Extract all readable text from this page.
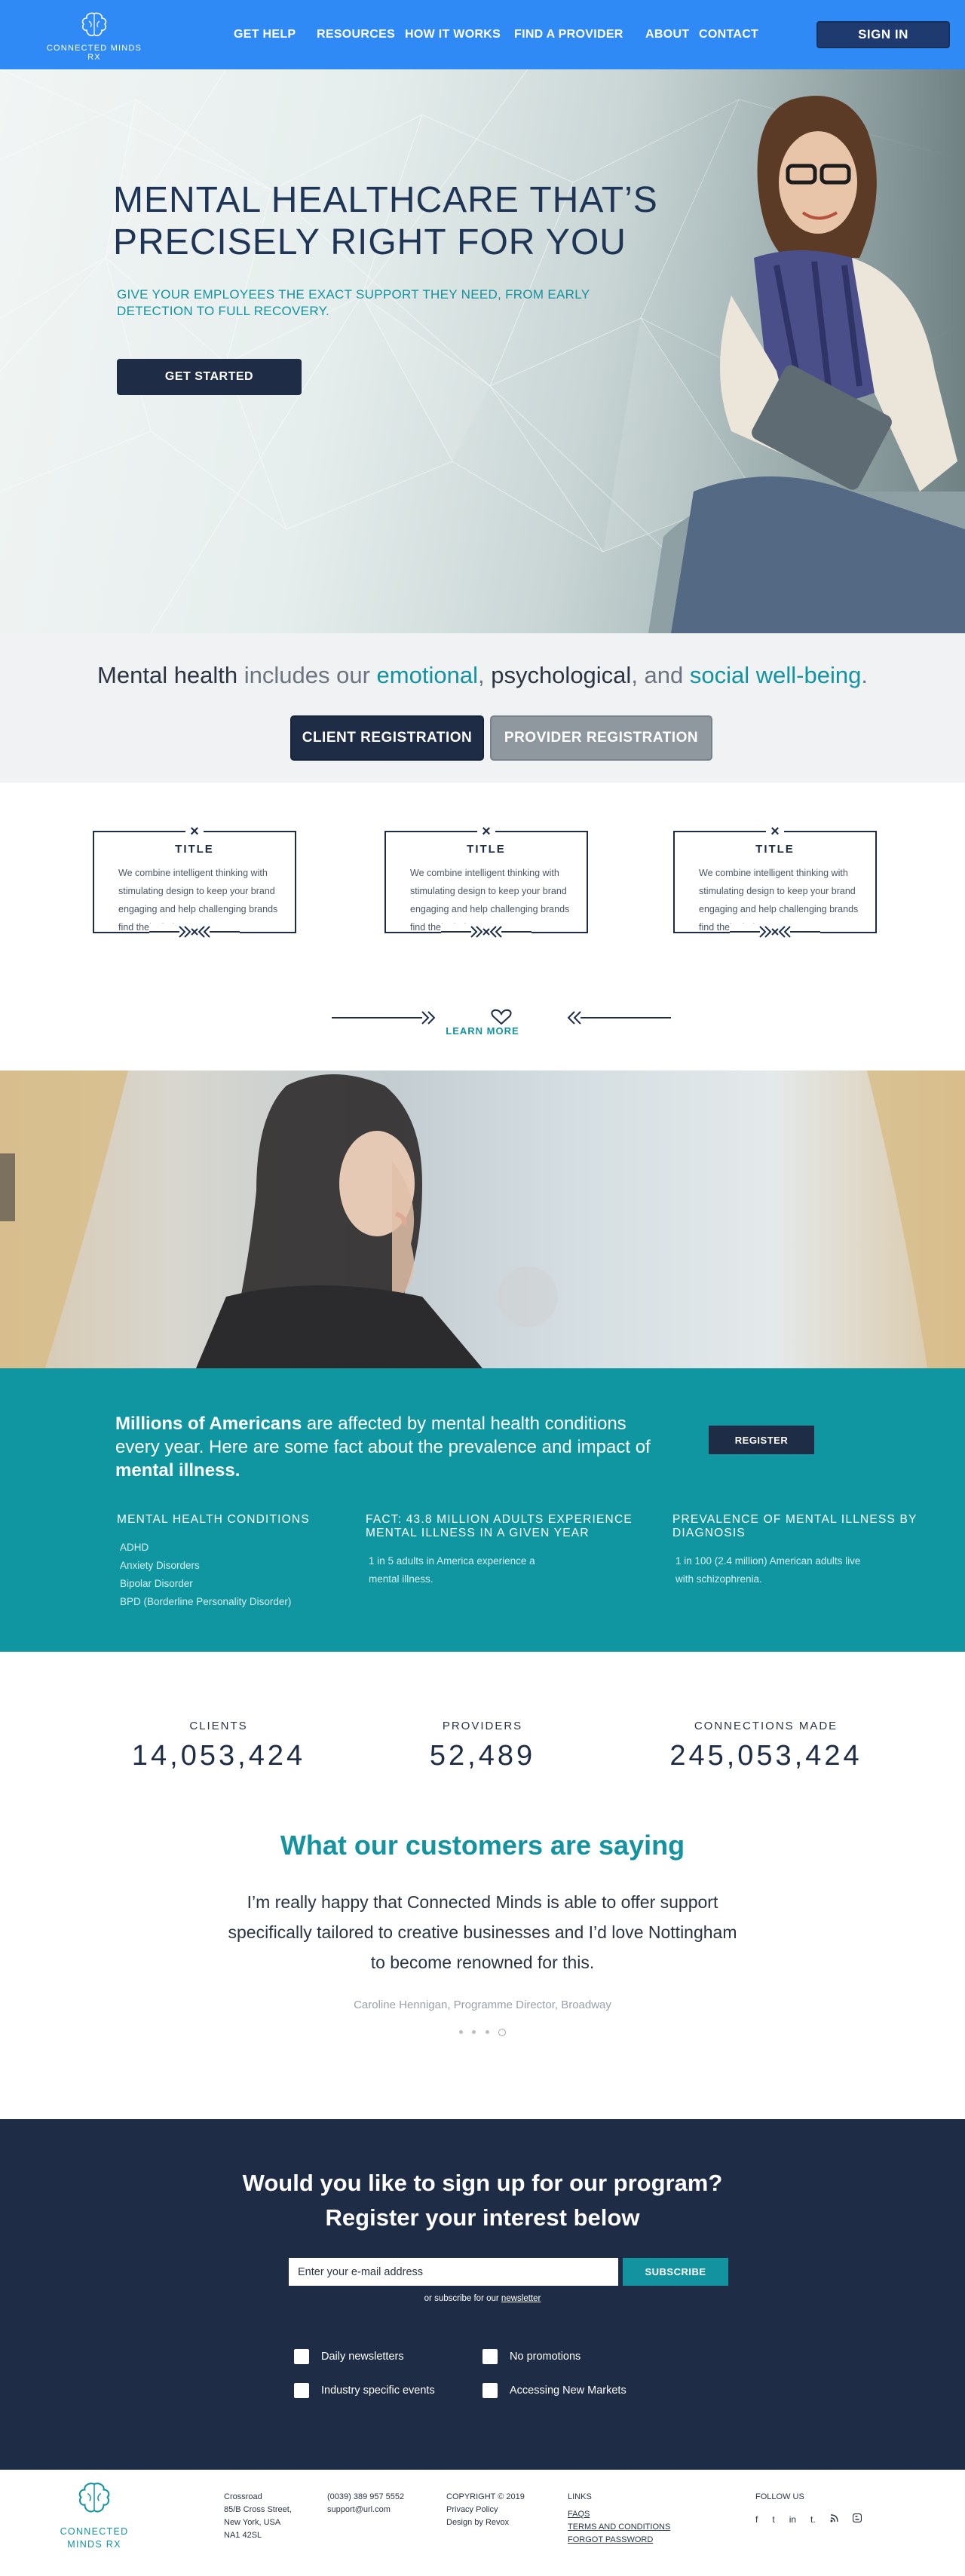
CONNECTED MINDS RX
GET HELP RESOURCES HOW IT WORKS FIND A PROVIDER ABOUT CONTACT	SIGN IN
MENTAL HEALTHCARE THAT’S
PRECISELY RIGHT FOR YOU

GIVE YOUR EMPLOYEES THE EXACT SUPPORT THEY NEED, FROM EARLY DETECTION TO FULL RECOVERY.

GET STARTED

Mental health includes our emotional, psychological, and social well-being.

CLIENT REGISTRATION	PROVIDER REGISTRATION
×
TITLE
We combine intelligent thinking with stimulating design to keep your brand engaging and help challenging brands find their clarity.
×
TITLE
We combine intelligent thinking with stimulating design to keep your brand engaging and help challenging brands find their clarity.
×
TITLE
We combine intelligent thinking with stimulating design to keep your brand engaging and help challenging brands find their clarity.
LEARN MORE

Millions of Americans are affected by mental health conditions every year. Here are some fact about the prevalence and impact of mental illness.

REGISTER
MENTAL HEALTH CONDITIONS
ADHD
Anxiety Disorders
Bipolar Disorder
BPD (Borderline Personality Disorder)
FACT: 43.8 MILLION ADULTS EXPERIENCE MENTAL ILLNESS IN A GIVEN YEAR
1 in 5 adults in America experience a
mental illness.
PREVALENCE OF MENTAL ILLNESS BY DIAGNOSIS
1 in 100 (2.4 million) American adults live
with schizophrenia.
CLIENTS
14,053,424
PROVIDERS
52,489
CONNECTIONS MADE
245,053,424
What our customers are saying

I’m really happy that Connected Minds is able to offer support specifically tailored to creative businesses and I’d love Nottingham to become renowned for this.

Caroline Hennigan, Programme Director, Broadway

Would you like to sign up for our program?
Register your interest below
Enter your e-mail address	SUBSCRIBE

or subscribe for our newsletter

Daily newsletters	No promotions
Industry specific events	Accessing New Markets
CONNECTED MINDS RX
Crossroad
85/B Cross Street,
New York, USA
NA1 42SL
(0039) 389 957 5552
support@url.com
COPYRIGHT © 2019
Privacy Policy
Design by Revox
LINKS
FAQS
TERMS AND CONDITIONS
FORGOT PASSWORD
FOLLOW US
f t in t.
